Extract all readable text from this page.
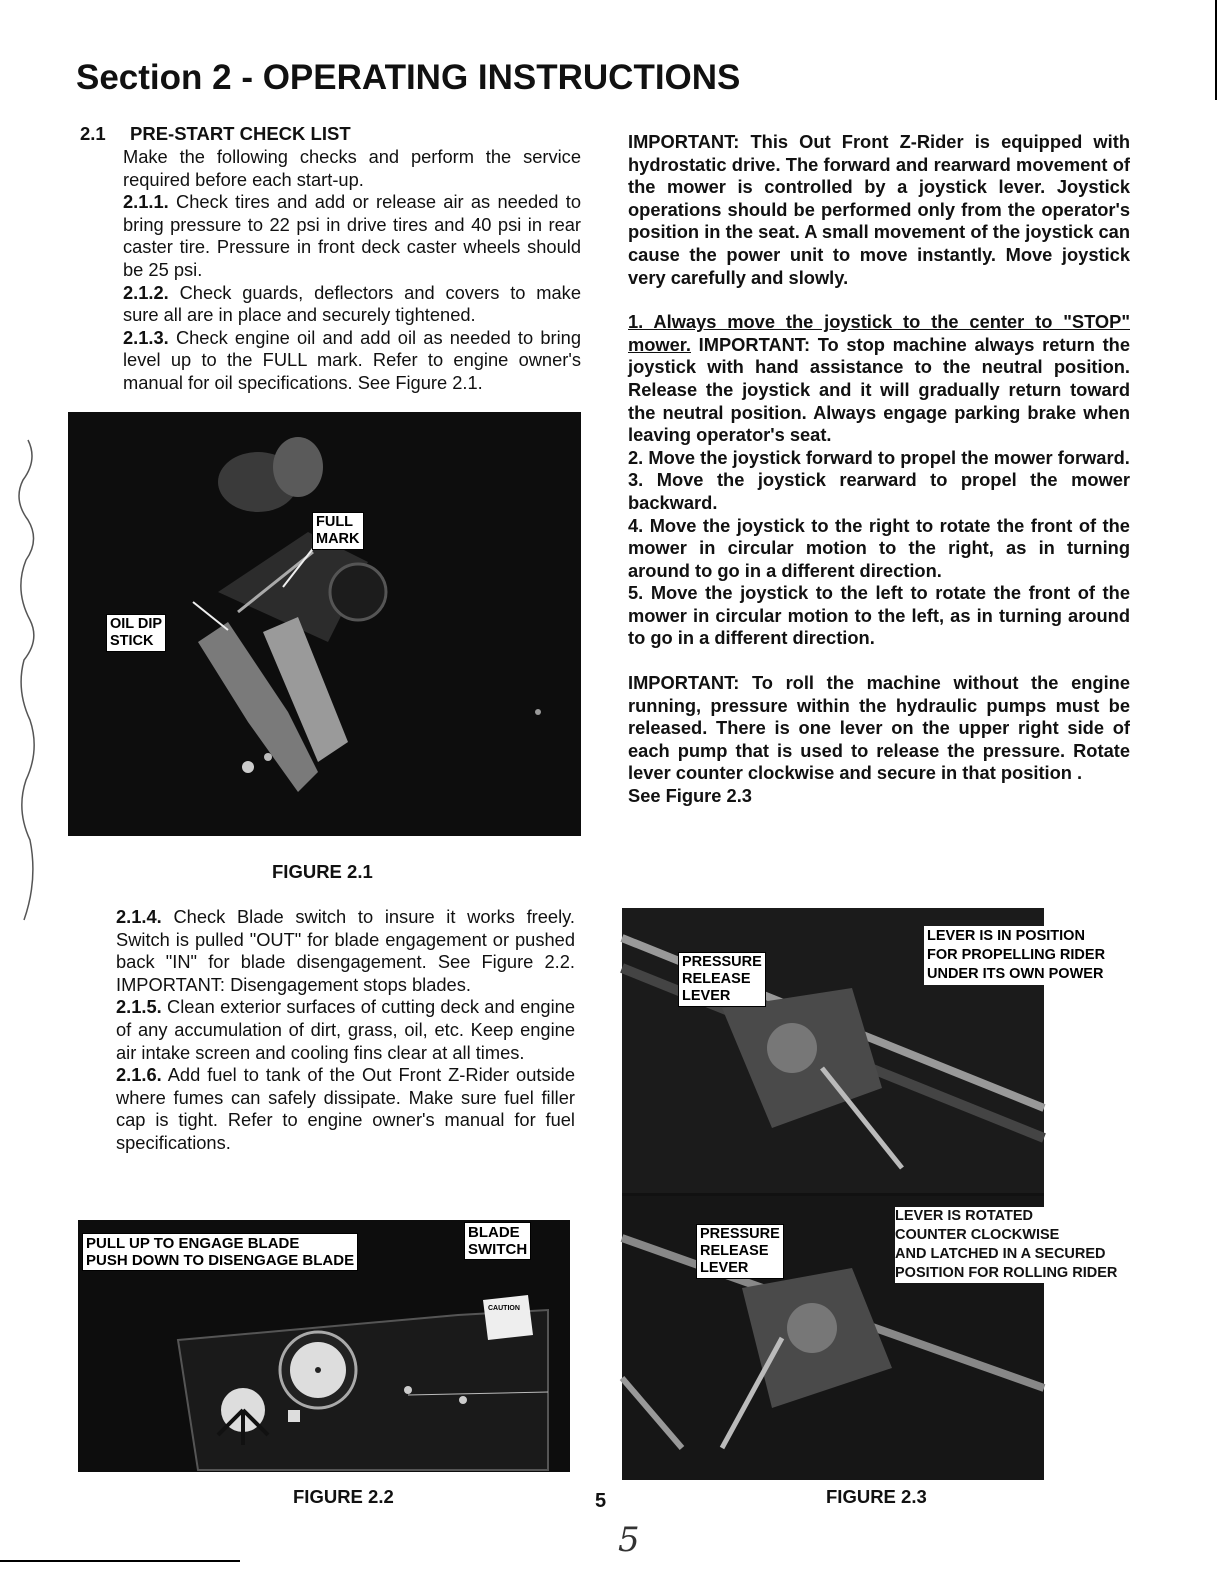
Section 2 - OPERATING INSTRUCTIONS
2.1 PRE-START CHECK LIST

Make the following checks and perform the service required before each start-up.

2.1.1. Check tires and add or release air as needed to bring pressure to 22 psi in drive tires and 40 psi in rear caster tire. Pressure in front deck caster wheels should be 25 psi.

2.1.2. Check guards, deflectors and covers to make sure all are in place and securely tightened.

2.1.3. Check engine oil and add oil as needed to bring level up to the FULL mark. Refer to engine owner's manual for oil specifications. See Figure 2.1.

FULL
MARK
OIL DIP
STICK
FIGURE 2.1

2.1.4. Check Blade switch to insure it works freely. Switch is pulled "OUT" for blade engagement or pushed back "IN" for blade disengagement. See Figure 2.2. IMPORTANT: Disengagement stops blades.

2.1.5. Clean exterior surfaces of cutting deck and engine of any accumulation of dirt, grass, oil, etc. Keep engine air intake screen and cooling fins clear at all times.

2.1.6. Add fuel to tank of the Out Front Z-Rider outside where fumes can safely dissipate. Make sure fuel filler cap is tight. Refer to engine owner's manual for fuel specifications.

CAUTION
PULL UP TO ENGAGE BLADE
PUSH DOWN TO DISENGAGE BLADE
BLADE
SWITCH
FIGURE 2.2

IMPORTANT: This Out Front Z-Rider is equipped with hydrostatic drive. The forward and rearward movement of the mower is controlled by a joystick lever. Joystick operations should be performed only from the operator's position in the seat. A small movement of the joystick can cause the power unit to move instantly. Move joystick very carefully and slowly.

1. Always move the joystick to the center to "STOP" mower. IMPORTANT: To stop machine always return the joystick with hand assistance to the neutral position. Release the joystick and it will gradually return toward the neutral position. Always engage parking brake when leaving operator's seat.

2. Move the joystick forward to propel the mower forward.

3. Move the joystick rearward to propel the mower backward.

4. Move the joystick to the right to rotate the front of the mower in circular motion to the right, as in turning around to go in a different direction.

5. Move the joystick to the left to rotate the front of the mower in circular motion to the left, as in turning around to go in a different direction.

IMPORTANT: To roll the machine without the engine running, pressure within the hydraulic pumps must be released. There is one lever on the upper right side of each pump that is used to release the pressure. Rotate lever counter clockwise and secure in that position .

See Figure 2.3

PRESSURE
RELEASE
LEVER
LEVER IS IN POSITION
FOR PROPELLING RIDER
UNDER ITS OWN POWER
PRESSURE
RELEASE
LEVER
LEVER IS ROTATED
COUNTER CLOCKWISE
AND LATCHED IN A SECURED
POSITION FOR ROLLING RIDER
FIGURE 2.3
5
5
